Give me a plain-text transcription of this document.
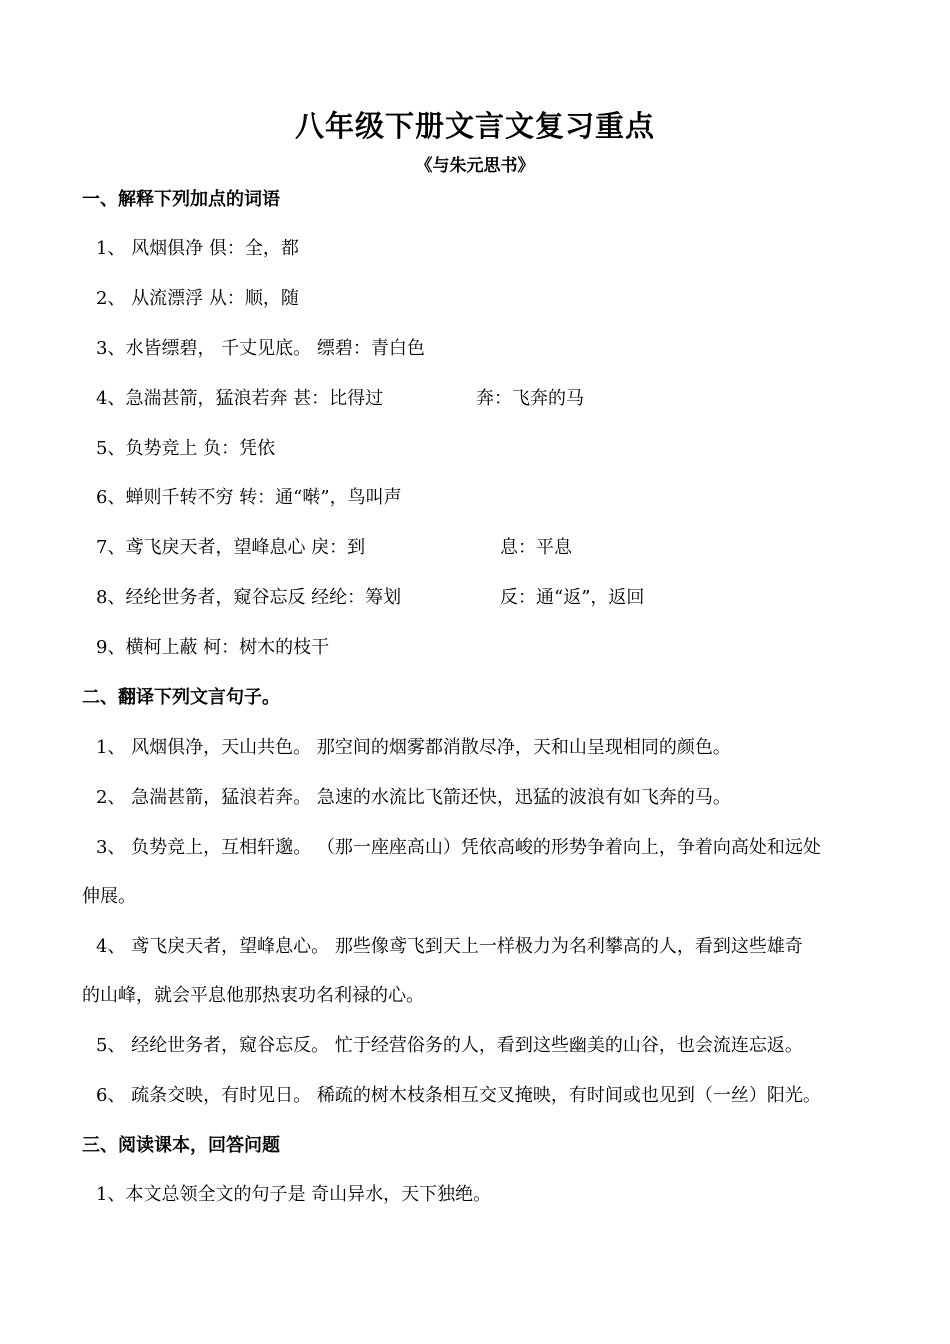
八年级下册文言文复习重点
《与朱元思书》
一、解释下列加点的词语
1、 风烟俱净 俱：全，都
2、 从流漂浮 从：顺，随
3、水皆缥碧， 千丈见底。 缥碧：青白色
4、急湍甚箭，猛浪若奔 甚：比得过	奔：飞奔的马
5、负势竞上 负：凭依
6、蝉则千转不穷 转：通“啭”，鸟叫声
7、鸢飞戾天者，望峰息心 戾：到	息：平息
8、经纶世务者，窥谷忘反 经纶：筹划	反：通“返”，返回
9、横柯上蔽 柯：树木的枝干
二、翻译下列文言句子。
1、 风烟俱净，天山共色。 那空间的烟雾都消散尽净，天和山呈现相同的颜色。
2、 急湍甚箭，猛浪若奔。 急速的水流比飞箭还快，迅猛的波浪有如飞奔的马。
3、 负势竞上，互相轩邈。 （那一座座高山）凭依高峻的形势争着向上，争着向高处和远处
伸展。
4、 鸢飞戾天者，望峰息心。 那些像鸢飞到天上一样极力为名利攀高的人，看到这些雄奇
的山峰，就会平息他那热衷功名利禄的心。
5、 经纶世务者，窥谷忘反。 忙于经营俗务的人，看到这些幽美的山谷，也会流连忘返。
6、 疏条交映，有时见日。 稀疏的树木枝条相互交叉掩映，有时间或也见到（一丝）阳光。
三、阅读课本，回答问题
1、本文总领全文的句子是 奇山异水，天下独绝。
